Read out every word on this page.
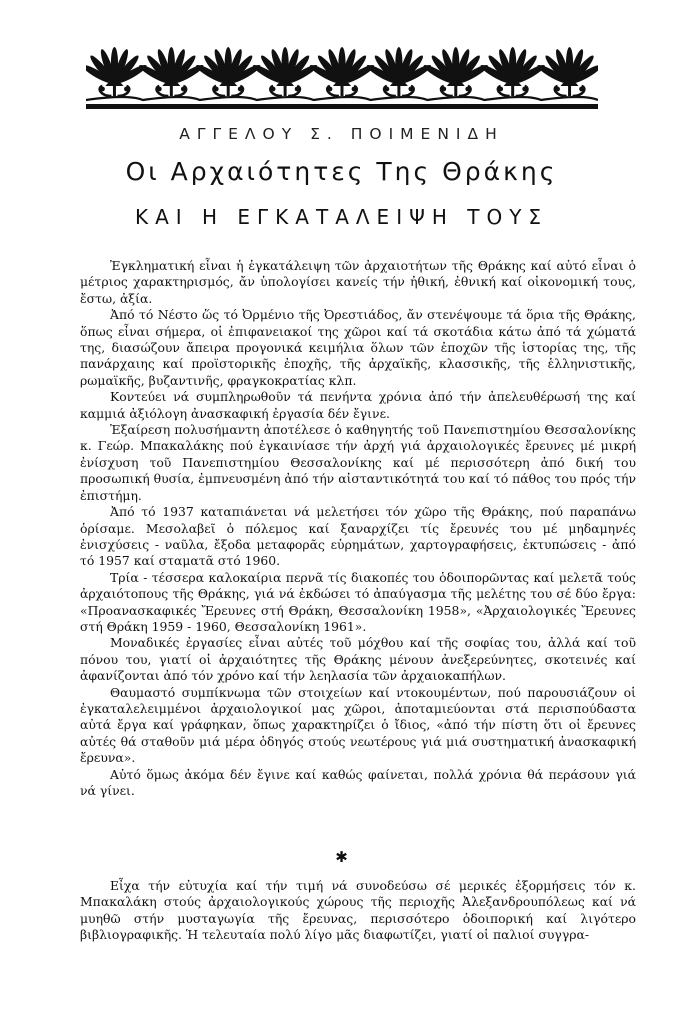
ΑΓΓΕΛΟΥ Σ. ΠΟΙΜΕΝΙΔΗ
Οι Αρχαιότητες Της Θράκης
ΚΑΙ Η ΕΓΚΑΤΑΛΕΙΨΗ ΤΟΥΣ

Ἐγκληματική εἶναι ἡ ἐγκατάλειψη τῶν ἀρχαιοτήτων τῆς Θράκης καί αὐτό εἶναι ὁ μέτριος χαρακτηρισμός, ἄν ὑπολογίσει κανείς τήν ἠθική, ἐθνική καί οἰκονομική τους, ἔστω, ἀξία.

Ἀπό τό Νέστο ὥς τό Ὀρμένιο τῆς Ὀρεστιάδος, ἄν στενέψουμε τά ὅρια τῆς Θράκης, ὅπως εἶναι σήμερα, οἱ ἐπιφανειακοί της χῶροι καί τά σκοτάδια κάτω ἀπό τά χώματά της, διασώζουν ἄπειρα προγονικά κειμήλια ὅλων τῶν ἐποχῶν τῆς ἱστορίας της, τῆς πανάρχαιης καί προϊστορικῆς ἐποχῆς, τῆς ἀρχαϊκῆς, κλασσικῆς, τῆς ἑλληνιστικῆς, ρωμαϊκῆς, βυζαντινῆς, φραγκοκρατίας κλπ.

Κοντεύει νά συμπληρωθοῦν τά πενήντα χρόνια ἀπό τήν ἀπελευθέρωσή της καί καμμιά ἀξιόλογη ἀνασκαφική ἐργασία δέν ἔγινε.

Ἐξαίρεση πολυσήμαντη ἀποτέλεσε ὁ καθηγητής τοῦ Πανεπιστημίου Θεσσαλονίκης κ. Γεώρ. Μπακαλάκης πού ἐγκαινίασε τήν ἀρχή γιά ἀρχαιολογικές ἔρευνες μέ μικρή ἐνίσχυση τοῦ Πανεπιστημίου Θεσσαλονίκης καί μέ περισσότερη ἀπό δική του προσωπική θυσία, ἐμπνευσμένη ἀπό τήν αἰσταντικότητά του καί τό πάθος του πρός τήν ἐπιστήμη.

Ἀπό τό 1937 καταπιάνεται νά μελετήσει τόν χῶρο τῆς Θράκης, πού παραπάνω ὁρίσαμε. Μεσολαβεῖ ὁ πόλεμος καί ξαναρχίζει τίς ἔρευνές του μέ μηδαμηνές ἐνισχύσεις - ναῦλα, ἔξοδα μεταφορᾶς εὑρημάτων, χαρτογραφήσεις, ἐκτυπώσεις - ἀπό τό 1957 καί σταματᾶ στό 1960.

Τρία - τέσσερα καλοκαίρια περνᾶ τίς διακοπές του ὁδοιπορῶντας καί μελετᾶ τούς ἀρχαιότοπους τῆς Θράκης, γιά νά ἐκδώσει τό ἀπαύγασμα τῆς μελέτης του σέ δύο ἔργα: «Προανασκαφικές Ἔρευνες στή Θράκη, Θεσσαλονίκη 1958», «Ἀρχαιολογικές Ἔρευνες στή Θράκη 1959 - 1960, Θεσσαλονίκη 1961».

Μοναδικές ἐργασίες εἶναι αὐτές τοῦ μόχθου καί τῆς σοφίας του, ἀλλά καί τοῦ πόνου του, γιατί οἱ ἀρχαιότητες τῆς Θράκης μένουν ἀνεξερεύνητες, σκοτεινές καί ἀφανίζονται ἀπό τόν χρόνο καί τήν λεηλασία τῶν ἀρχαιοκαπήλων.

Θαυμαστό συμπίκνωμα τῶν στοιχείων καί ντοκουμέντων, πού παρουσιάζουν οἱ ἐγκαταλελειμμένοι ἀρχαιολογικοί μας χῶροι, ἀποταμιεύονται στά περισπούδαστα αὐτά ἔργα καί γράφηκαν, ὅπως χαρακτηρίζει ὁ ἴδιος, «ἀπό τήν πίστη ὅτι οἱ ἔρευνες αὐτές θά σταθοῦν μιά μέρα ὁδηγός στούς νεωτέρους γιά μιά συστηματική ἀνασκαφική ἔρευνα».

Αὐτό ὅμως ἀκόμα δέν ἔγινε καί καθώς φαίνεται, πολλά χρόνια θά περάσουν γιά νά γίνει.

✱

Εἶχα τήν εὐτυχία καί τήν τιμή νά συνοδεύσω σέ μερικές ἐξορμήσεις τόν κ. Μπακαλάκη στούς ἀρχαιολογικούς χώρους τῆς περιοχῆς Ἀλεξανδρουπόλεως καί νά μυηθῶ στήν μυσταγωγία τῆς ἔρευνας, περισσότερο ὁδοιπορική καί λιγότερο βιβλιογραφικῆς. Ἡ τελευταία πολύ λίγο μᾶς διαφωτίζει, γιατί οἱ παλιοί συγγρα-
